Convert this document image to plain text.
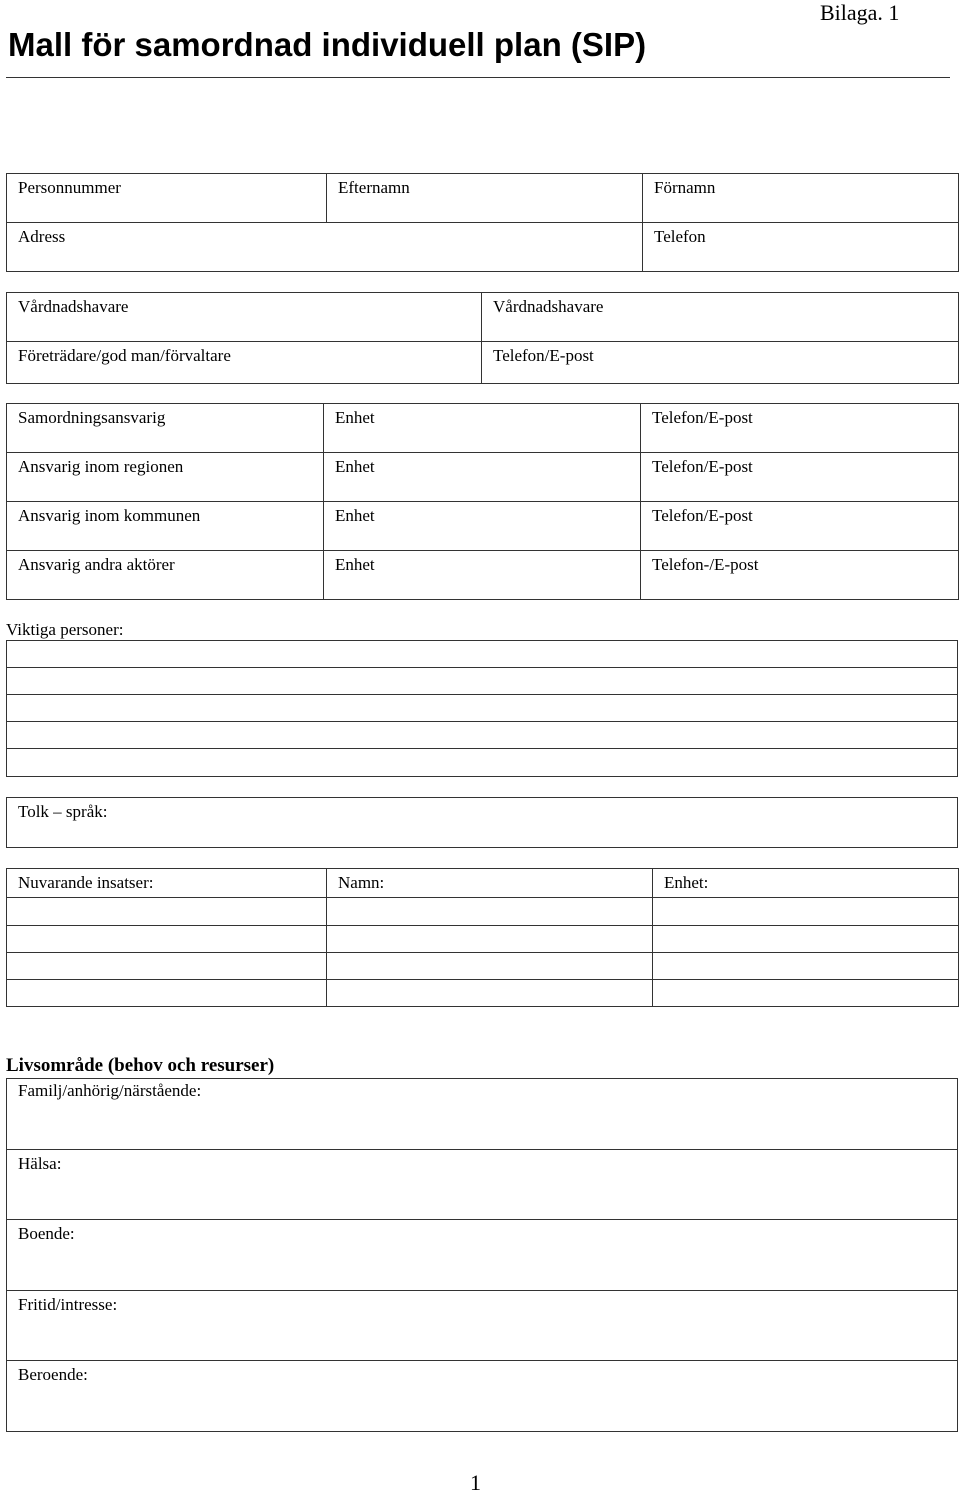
Bilaga. 1
Mall för samordnad individuell plan (SIP)
Personnummer	Efternamn	Förnamn

Adress		Telefon
Vårdnadshavare	Vårdnadshavare

Företrädare/god man/förvaltare	Telefon/E-post
Samordningsansvarig	Enhet	Telefon/E-post

Ansvarig inom regionen	Enhet	Telefon/E-post

Ansvarig inom kommunen	Enhet	Telefon/E-post

Ansvarig andra aktörer	Enhet	Telefon-/E-post
Viktiga personer:

Tolk – språk:
Nuvarande insatser:	Namn:	Enhet:

Livsområde (behov och resurser)
Familj/anhörig/närstående:

Hälsa:

Boende:

Fritid/intresse:

Beroende:
1
